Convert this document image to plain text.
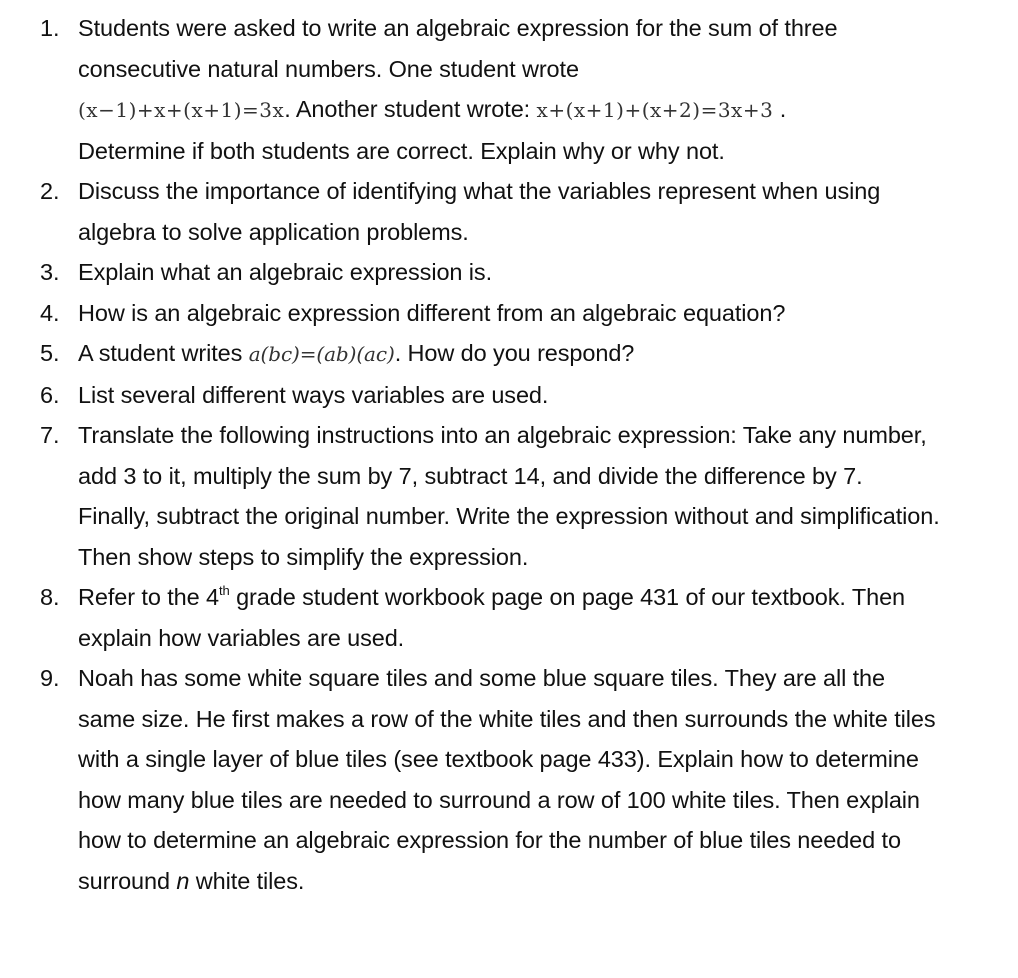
1. Students were asked to write an algebraic expression for the sum of three consecutive natural numbers. One student wrote
(x−1)+x+(x+1)=3x. Another student wrote: x+(x+1)+(x+2)=3x+3 .
Determine if both students are correct. Explain why or why not.
2. Discuss the importance of identifying what the variables represent when using algebra to solve application problems.
3. Explain what an algebraic expression is.
4. How is an algebraic expression different from an algebraic equation?
5. A student writes a(bc)=(ab)(ac). How do you respond?
6. List several different ways variables are used.
7. Translate the following instructions into an algebraic expression: Take any number, add 3 to it, multiply the sum by 7, subtract 14, and divide the difference by 7. Finally, subtract the original number. Write the expression without and simplification. Then show steps to simplify the expression.
8. Refer to the 4th grade student workbook page on page 431 of our textbook. Then explain how variables are used.
9. Noah has some white square tiles and some blue square tiles. They are all the same size. He first makes a row of the white tiles and then surrounds the white tiles with a single layer of blue tiles (see textbook page 433). Explain how to determine how many blue tiles are needed to surround a row of 100 white tiles. Then explain how to determine an algebraic expression for the number of blue tiles needed to surround n white tiles.
